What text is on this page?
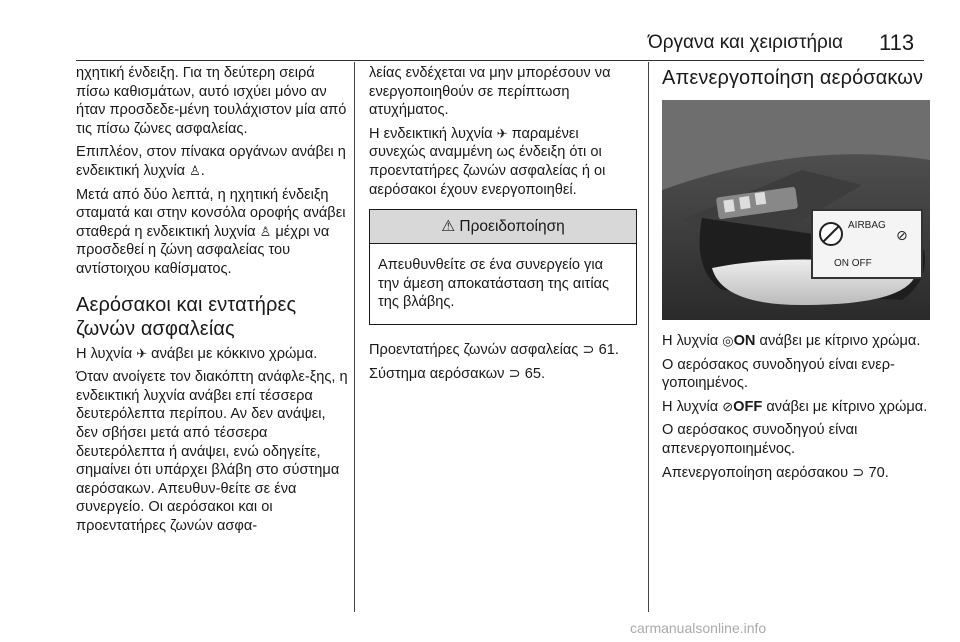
Όργανα και χειριστήρια 113

ηχητική ένδειξη. Για τη δεύτερη σειρά πίσω καθισμάτων, αυτό ισχύει μόνο αν ήταν προσδεδε-μένη τουλάχιστον μία από τις πίσω ζώνες ασφαλείας.

Επιπλέον, στον πίνακα οργάνων ανάβει η ενδεικτική λυχνία ♙.

Μετά από δύο λεπτά, η ηχητική ένδειξη σταματά και στην κονσόλα οροφής ανάβει σταθερά η ενδεικτική λυχνία ♙ μέχρι να προσδεθεί η ζώνη ασφαλείας του αντίστοιχου καθίσματος.

Αερόσακοι και εντατήρες ζωνών ασφαλείας

Η λυχνία ✈ ανάβει με κόκκινο χρώμα.

Όταν ανοίγετε τον διακόπτη ανάφλε-ξης, η ενδεικτική λυχνία ανάβει επί τέσσερα δευτερόλεπτα περίπου. Αν δεν ανάψει, δεν σβήσει μετά από τέσσερα δευτερόλεπτα ή ανάψει, ενώ οδηγείτε, σημαίνει ότι υπάρχει βλάβη στο σύστημα αερόσακων. Απευθυν-θείτε σε ένα συνεργείο. Οι αερόσακοι και οι προεντατήρες ζωνών ασφα-

λείας ενδέχεται να μην μπορέσουν να ενεργοποιηθούν σε περίπτωση ατυχήματος.

Η ενδεικτική λυχνία ✈ παραμένει συνεχώς αναμμένη ως ένδειξη ότι οι προεντατήρες ζωνών ασφαλείας ή οι αερόσακοι έχουν ενεργοποιηθεί.

⚠ Προειδοποίηση
Απευθυνθείτε σε ένα συνεργείο για την άμεση αποκατάσταση της αιτίας της βλάβης.

Προεντατήρες ζωνών ασφαλείας ⊃ 61.

Σύστημα αερόσακων ⊃ 65.

Απενεργοποίηση αερόσακων
AIRBAG
ON OFF
⊘

Η λυχνία ◎ON ανάβει με κίτρινο χρώμα.

Ο αερόσακος συνοδηγού είναι ενερ-γοποιημένος.

Η λυχνία ⊘OFF ανάβει με κίτρινο χρώμα.

Ο αερόσακος συνοδηγού είναι απενεργοποιημένος.

Απενεργοποίηση αερόσακου ⊃ 70.

carmanualsonline.info
